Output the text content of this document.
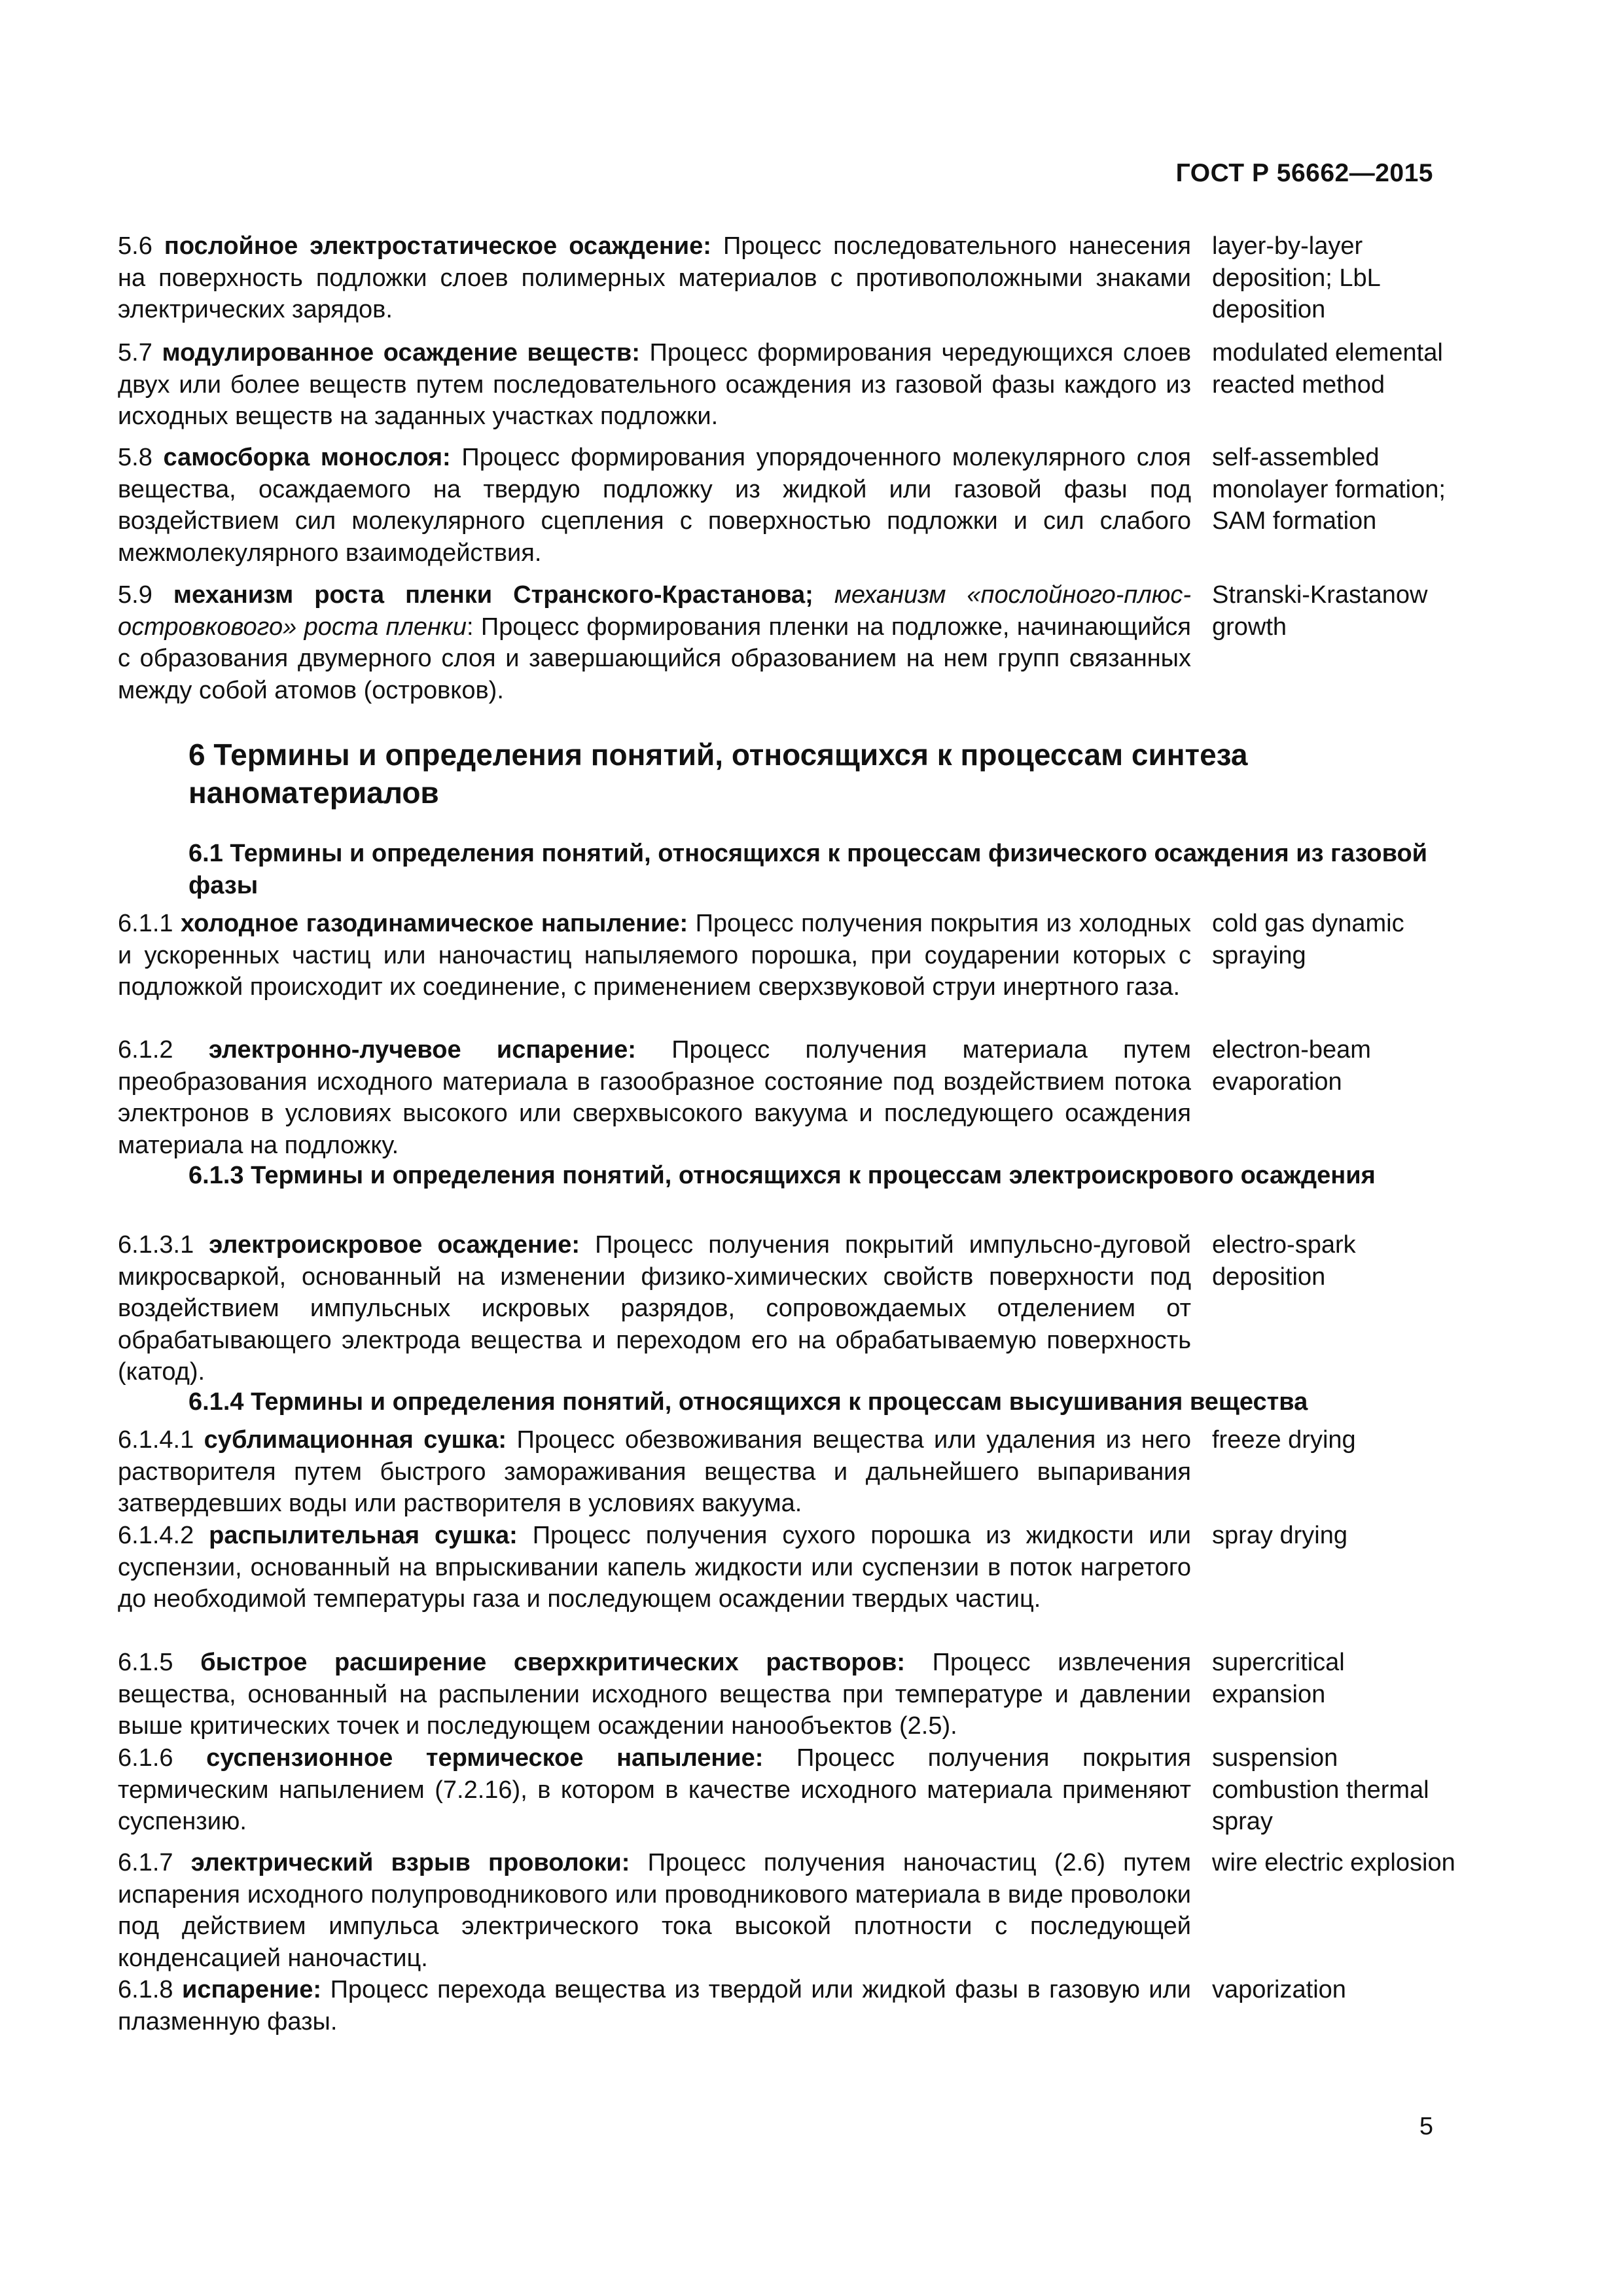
ГОСТ Р 56662—2015
5.6 послойное электростатическое осаждение: Процесс последовательного нанесения на поверхность подложки слоев полимерных материалов с противоположными знаками электрических зарядов.
layer-by-layer deposition; LbL deposition
5.7 модулированное осаждение веществ: Процесс формирования чередующихся слоев двух или более веществ путем последовательного осаждения из газовой фазы каждого из исходных веществ на заданных участках подложки.
modulated elemental reacted method
5.8 самосборка монослоя: Процесс формирования упорядоченного молекулярного слоя вещества, осаждаемого на твердую подложку из жидкой или газовой фазы под воздействием сил молекулярного сцепления с поверхностью подложки и сил слабого межмолекулярного взаимодействия.
self-assembled monolayer formation; SAM formation
5.9 механизм роста пленки Странского-Крастанова; механизм «послойного-плюс-островкового» роста пленки: Процесс формирования пленки на подложке, начинающийся с образования двумерного слоя и завершающийся образованием на нем групп связанных между собой атомов (островков).
Stranski-Krastanow growth
6 Термины и определения понятий, относящихся к процессам синтеза наноматериалов
6.1 Термины и определения понятий, относящихся к процессам физического осаждения из газовой фазы
6.1.1 холодное газодинамическое напыление: Процесс получения покрытия из холодных и ускоренных частиц или наночастиц напыляемого порошка, при соударении которых с подложкой происходит их соединение, с применением сверхзвуковой струи инертного газа.
cold gas dynamic spraying
6.1.2 электронно-лучевое испарение: Процесс получения материала путем преобразования исходного материала в газообразное состояние под воздействием потока электронов в условиях высокого или сверхвысокого вакуума и последующего осаждения материала на подложку.
electron-beam evaporation
6.1.3 Термины и определения понятий, относящихся к процессам электроискрового осаждения
6.1.3.1 электроискровое осаждение: Процесс получения покрытий импульсно-дуговой микросваркой, основанный на изменении физико-химических свойств поверхности под воздействием импульсных искровых разрядов, сопровождаемых отделением от обрабатывающего электрода вещества и переходом его на обрабатываемую поверхность (катод).
electro-spark deposition
6.1.4 Термины и определения понятий, относящихся к процессам высушивания вещества
6.1.4.1 сублимационная сушка: Процесс обезвоживания вещества или удаления из него растворителя путем быстрого замораживания вещества и дальнейшего выпаривания затвердевших воды или растворителя в условиях вакуума.
freeze drying
6.1.4.2 распылительная сушка: Процесс получения сухого порошка из жидкости или суспензии, основанный на впрыскивании капель жидкости или суспензии в поток нагретого до необходимой температуры газа и последующем осаждении твердых частиц.
spray drying
6.1.5 быстрое расширение сверхкритических растворов: Процесс извлечения вещества, основанный на распылении исходного вещества при температуре и давлении выше критических точек и последующем осаждении нанообъектов (2.5).
supercritical expansion
6.1.6 суспензионное термическое напыление: Процесс получения покрытия термическим напылением (7.2.16), в котором в качестве исходного материала применяют суспензию.
suspension combustion thermal spray
6.1.7 электрический взрыв проволоки: Процесс получения наночастиц (2.6) путем испарения исходного полупроводникового или проводникового материала в виде проволоки под действием импульса электрического тока высокой плотности с последующей конденсацией наночастиц.
wire electric explosion
6.1.8 испарение: Процесс перехода вещества из твердой или жидкой фазы в газовую или плазменную фазы.
vaporization
5
